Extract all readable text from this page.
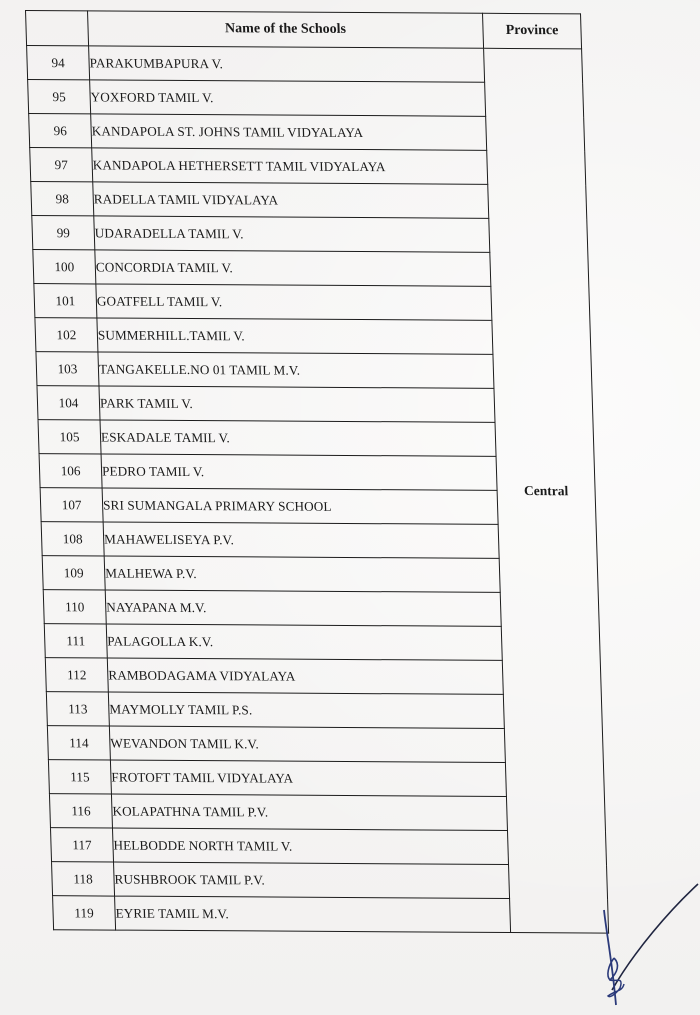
	Name of the Schools	Province
94	PARAKUMBAPURA V.	Central
95	YOXFORD TAMIL V.	
96	KANDAPOLA ST. JOHNS TAMIL VIDYALAYA	
97	KANDAPOLA HETHERSETT TAMIL VIDYALAYA	
98	RADELLA TAMIL VIDYALAYA	
99	UDARADELLA TAMIL V.	
100	CONCORDIA TAMIL V.	
101	GOATFELL TAMIL V.	
102	SUMMERHILL.TAMIL V.	
103	TANGAKELLE.NO 01 TAMIL M.V.	
104	PARK TAMIL V.	
105	ESKADALE TAMIL V.	
106	PEDRO TAMIL V.	
107	SRI SUMANGALA PRIMARY SCHOOL	
108	MAHAWELISEYA P.V.	
109	MALHEWA P.V.	
110	NAYAPANA M.V.	
111	PALAGOLLA K.V.	
112	RAMBODAGAMA VIDYALAYA	
113	MAYMOLLY TAMIL P.S.	
114	WEVANDON TAMIL K.V.	
115	FROTOFT TAMIL VIDYALAYA	
116	KOLAPATHNA TAMIL P.V.	
117	HELBODDE NORTH TAMIL V.	
118	RUSHBROOK TAMIL P.V.	
119	EYRIE TAMIL M.V.	
